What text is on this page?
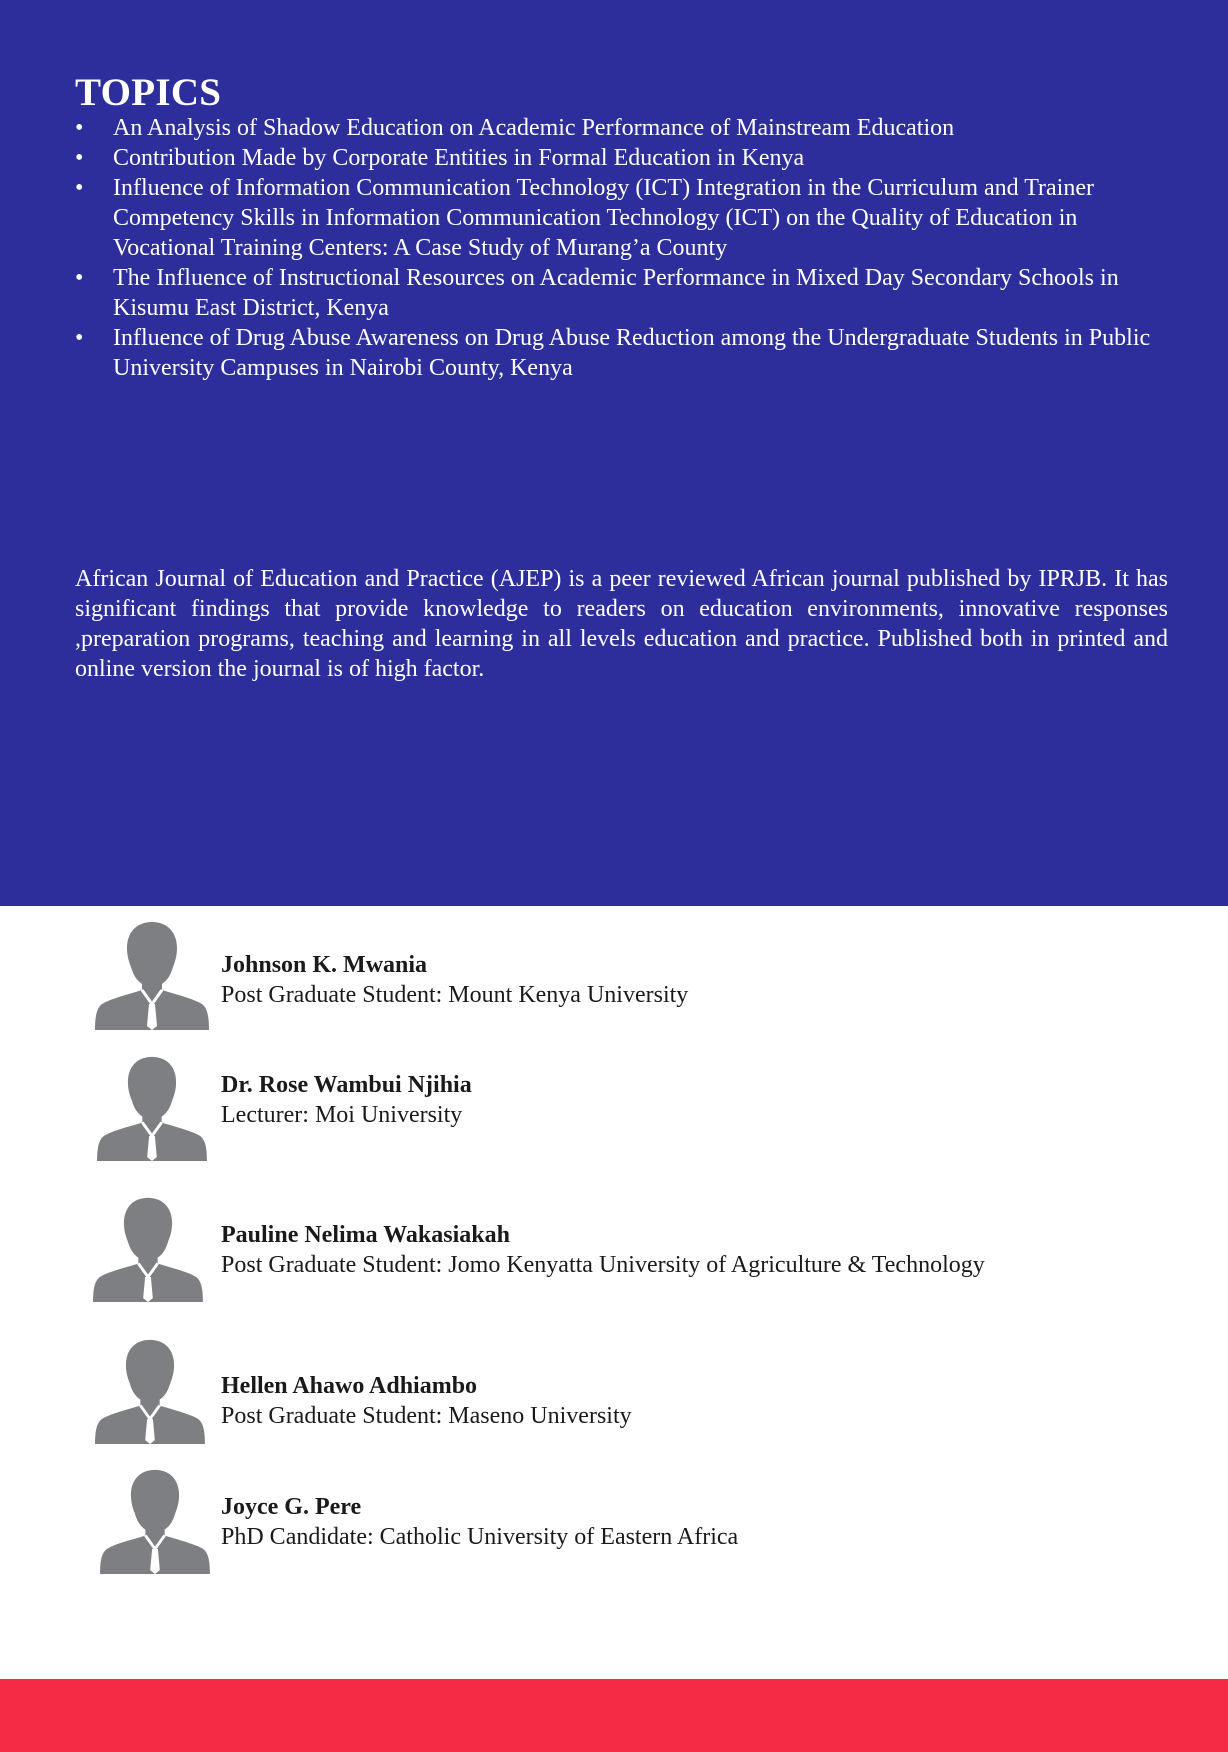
TOPICS
•	An Analysis of Shadow Education on Academic Performance of Mainstream Education
•	Contribution Made by Corporate Entities in Formal Education in Kenya
•	Influence of Information Communication Technology (ICT) Integration in the Curriculum and Trainer Competency Skills in Information Communication Technology (ICT) on the Quality of Education in Vocational Training Centers: A Case Study of Murang’a County
•	The Influence of Instructional Resources on Academic Performance in Mixed Day Secondary Schools in Kisumu East District, Kenya
•	Influence of Drug Abuse Awareness on Drug Abuse Reduction among the Undergraduate Students in Public University Campuses in Nairobi County, Kenya

African Journal of Education and Practice (AJEP) is a peer reviewed African journal published by IPRJB. It has significant findings that provide knowledge to readers on education environments, innovative responses ,preparation programs, teaching and learning in all levels education and practice. Published both in printed and online version the journal is of high factor.

Johnson K. Mwania
Post Graduate Student: Mount Kenya University
Dr. Rose Wambui Njihia
Lecturer: Moi University
Pauline Nelima Wakasiakah
Post Graduate Student: Jomo Kenyatta University of Agriculture & Technology
Hellen Ahawo Adhiambo
Post Graduate Student: Maseno University
Joyce G. Pere
PhD Candidate: Catholic University of Eastern Africa
